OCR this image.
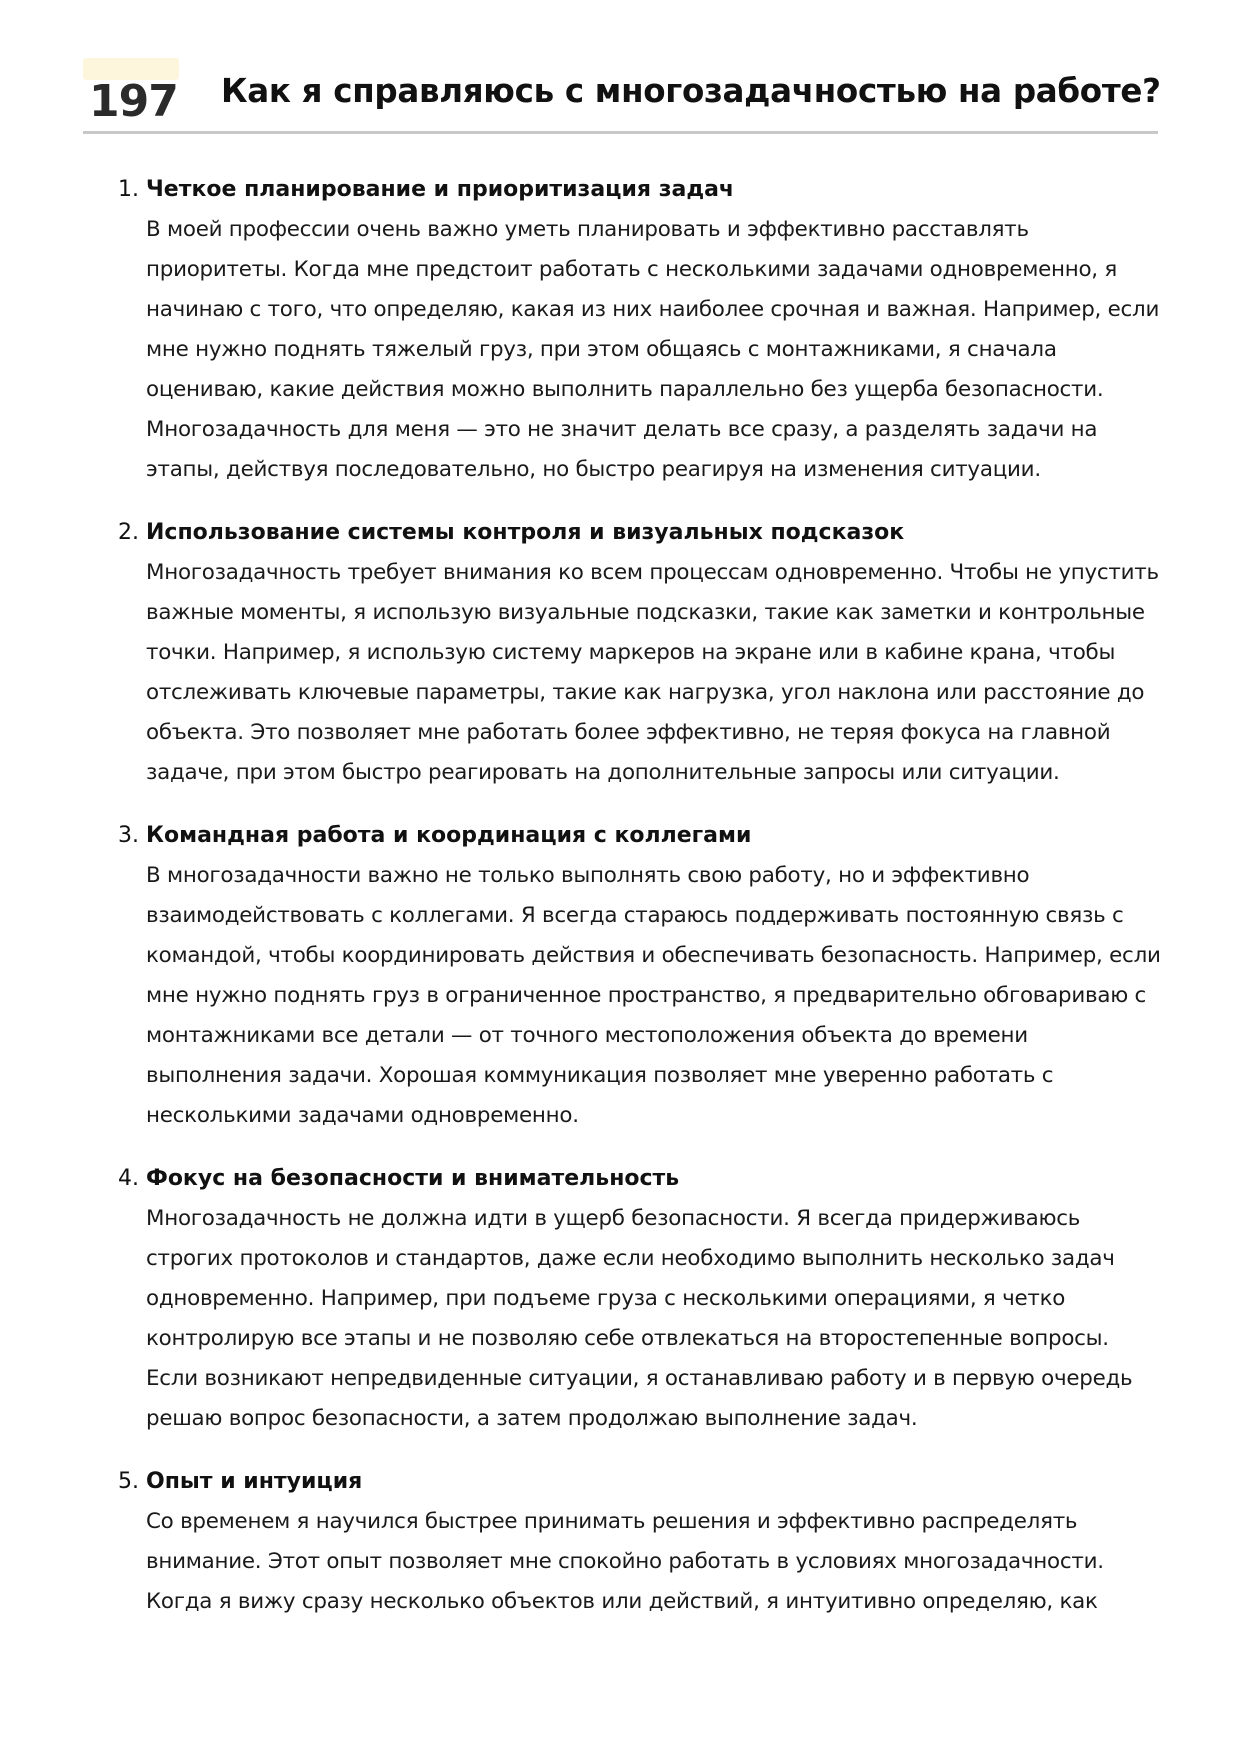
197 Как я справляюсь с многозадачностью на работе?
1. Четкое планирование и приоритизация задач
В моей профессии очень важно уметь планировать и эффективно расставлять приоритеты. Когда мне предстоит работать с несколькими задачами одновременно, я начинаю с того, что определяю, какая из них наиболее срочная и важная. Например, если мне нужно поднять тяжелый груз, при этом общаясь с монтажниками, я сначала оцениваю, какие действия можно выполнить параллельно без ущерба безопасности. Многозадачность для меня — это не значит делать все сразу, а разделять задачи на этапы, действуя последовательно, но быстро реагируя на изменения ситуации.
2. Использование системы контроля и визуальных подсказок
Многозадачность требует внимания ко всем процессам одновременно. Чтобы не упустить важные моменты, я использую визуальные подсказки, такие как заметки и контрольные точки. Например, я использую систему маркеров на экране или в кабине крана, чтобы отслеживать ключевые параметры, такие как нагрузка, угол наклона или расстояние до объекта. Это позволяет мне работать более эффективно, не теряя фокуса на главной задаче, при этом быстро реагировать на дополнительные запросы или ситуации.
3. Командная работа и координация с коллегами
В многозадачности важно не только выполнять свою работу, но и эффективно взаимодействовать с коллегами. Я всегда стараюсь поддерживать постоянную связь с командой, чтобы координировать действия и обеспечивать безопасность. Например, если мне нужно поднять груз в ограниченное пространство, я предварительно обговариваю с монтажниками все детали — от точного местоположения объекта до времени выполнения задачи. Хорошая коммуникация позволяет мне уверенно работать с несколькими задачами одновременно.
4. Фокус на безопасности и внимательность
Многозадачность не должна идти в ущерб безопасности. Я всегда придерживаюсь строгих протоколов и стандартов, даже если необходимо выполнить несколько задач одновременно. Например, при подъеме груза с несколькими операциями, я четко контролирую все этапы и не позволяю себе отвлекаться на второстепенные вопросы. Если возникают непредвиденные ситуации, я останавливаю работу и в первую очередь решаю вопрос безопасности, а затем продолжаю выполнение задач.
5. Опыт и интуиция
Со временем я научился быстрее принимать решения и эффективно распределять внимание. Этот опыт позволяет мне спокойно работать в условиях многозадачности. Когда я вижу сразу несколько объектов или действий, я интуитивно определяю, как
